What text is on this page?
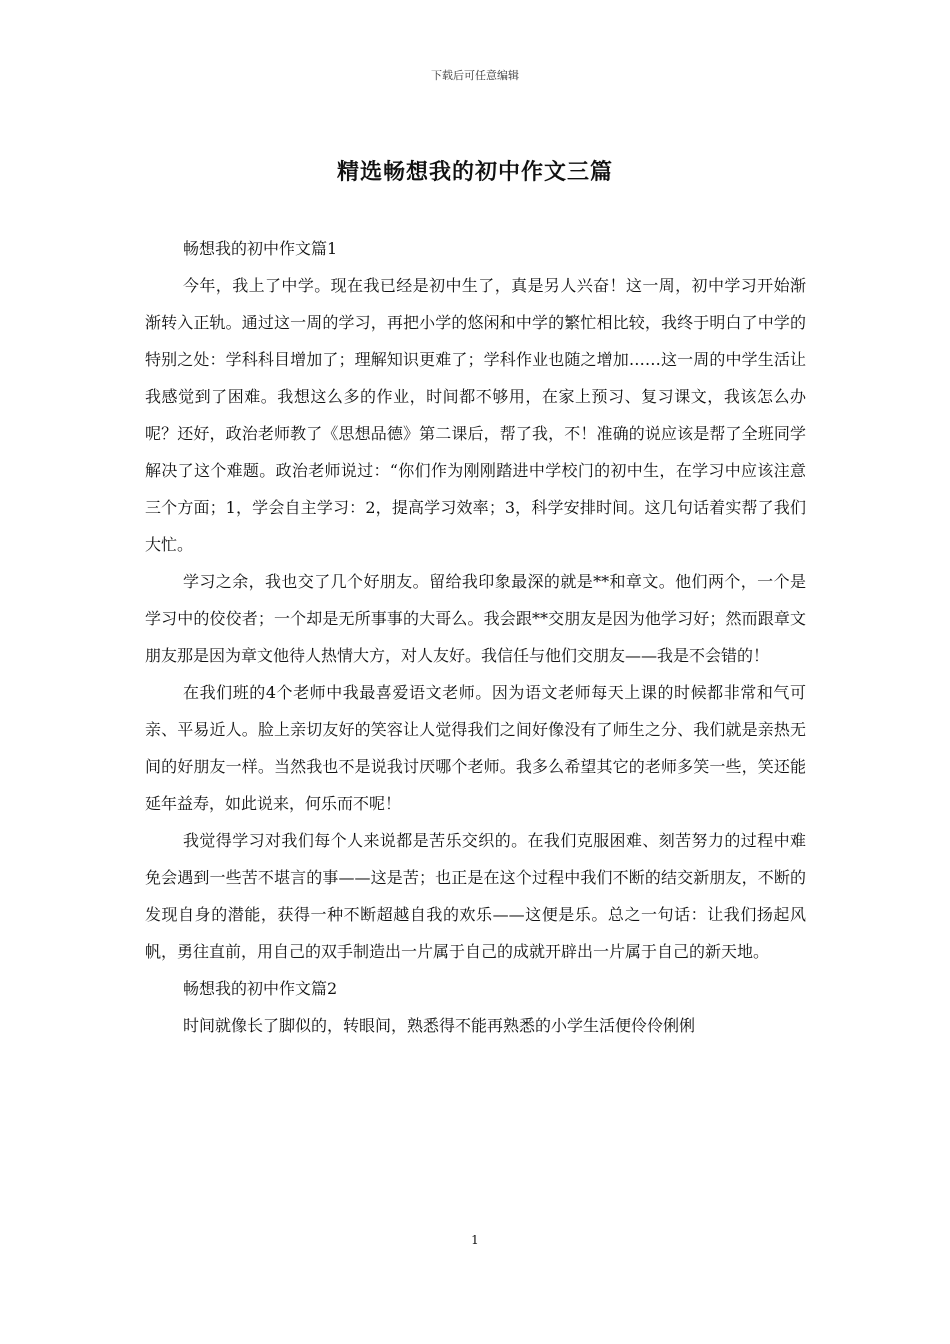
下载后可任意编辑
精选畅想我的初中作文三篇
畅想我的初中作文篇1

今年，我上了中学。现在我已经是初中生了，真是另人兴奋！这一周，初中学习开始渐渐转入正轨。通过这一周的学习，再把小学的悠闲和中学的繁忙相比较，我终于明白了中学的特别之处：学科科目增加了；理解知识更难了；学科作业也随之增加……这一周的中学生活让我感觉到了困难。我想这么多的作业，时间都不够用，在家上预习、复习课文，我该怎么办呢？还好，政治老师教了《思想品德》第二课后，帮了我，不！准确的说应该是帮了全班同学解决了这个难题。政治老师说过：“你们作为刚刚踏进中学校门的初中生，在学习中应该注意三个方面；1，学会自主学习：2，提高学习效率；3，科学安排时间。这几句话着实帮了我们大忙。

学习之余，我也交了几个好朋友。留给我印象最深的就是**和章文。他们两个，一个是学习中的佼佼者；一个却是无所事事的大哥么。我会跟**交朋友是因为他学习好；然而跟章文朋友那是因为章文他待人热情大方，对人友好。我信任与他们交朋友——我是不会错的！

在我们班的4个老师中我最喜爱语文老师。因为语文老师每天上课的时候都非常和气可亲、平易近人。脸上亲切友好的笑容让人觉得我们之间好像没有了师生之分、我们就是亲热无间的好朋友一样。当然我也不是说我讨厌哪个老师。我多么希望其它的老师多笑一些，笑还能延年益寿，如此说来，何乐而不呢！

我觉得学习对我们每个人来说都是苦乐交织的。在我们克服困难、刻苦努力的过程中难免会遇到一些苦不堪言的事——这是苦；也正是在这个过程中我们不断的结交新朋友，不断的发现自身的潜能，获得一种不断超越自我的欢乐——这便是乐。总之一句话：让我们扬起风帆，勇往直前，用自己的双手制造出一片属于自己的成就开辟出一片属于自己的新天地。

畅想我的初中作文篇2

时间就像长了脚似的，转眼间，熟悉得不能再熟悉的小学生活便伶伶俐俐

1
